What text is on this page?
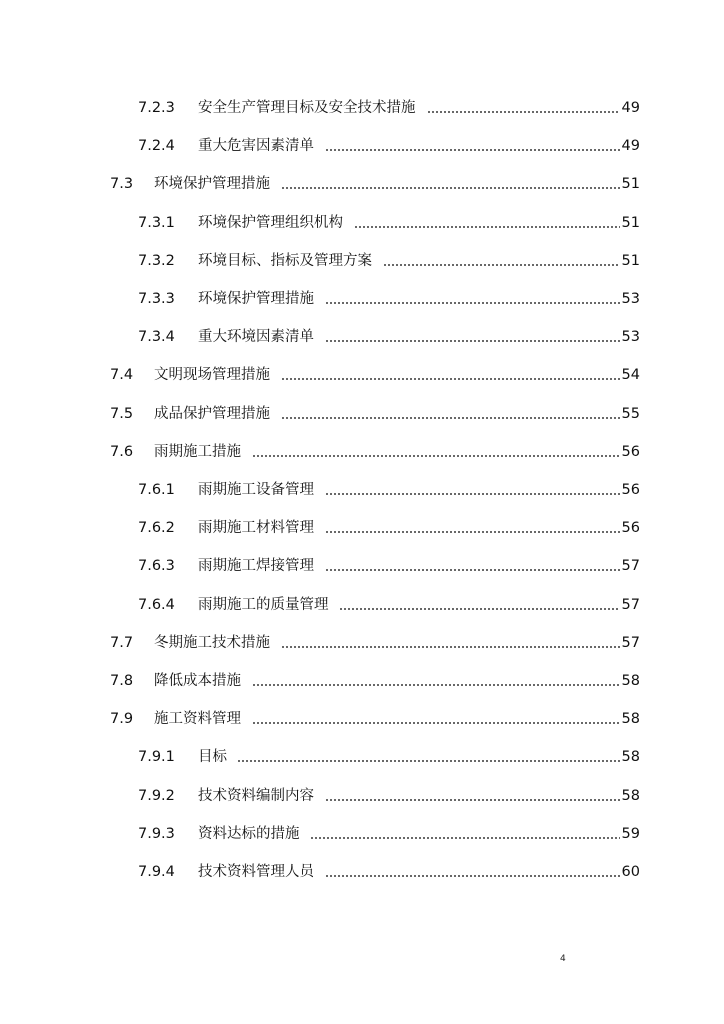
7.2.3 安全生产管理目标及安全技术措施	49
7.2.4 重大危害因素清单	49
7.3 环境保护管理措施	51
7.3.1 环境保护管理组织机构	51
7.3.2 环境目标、指标及管理方案	51
7.3.3 环境保护管理措施	53
7.3.4 重大环境因素清单	53
7.4 文明现场管理措施	54
7.5 成品保护管理措施	55
7.6 雨期施工措施	56
7.6.1 雨期施工设备管理	56
7.6.2 雨期施工材料管理	56
7.6.3 雨期施工焊接管理	57
7.6.4 雨期施工的质量管理	57
7.7 冬期施工技术措施	57
7.8 降低成本措施	58
7.9 施工资料管理	58
7.9.1 目标	58
7.9.2 技术资料编制内容	58
7.9.3 资料达标的措施	59
7.9.4 技术资料管理人员	60
4
